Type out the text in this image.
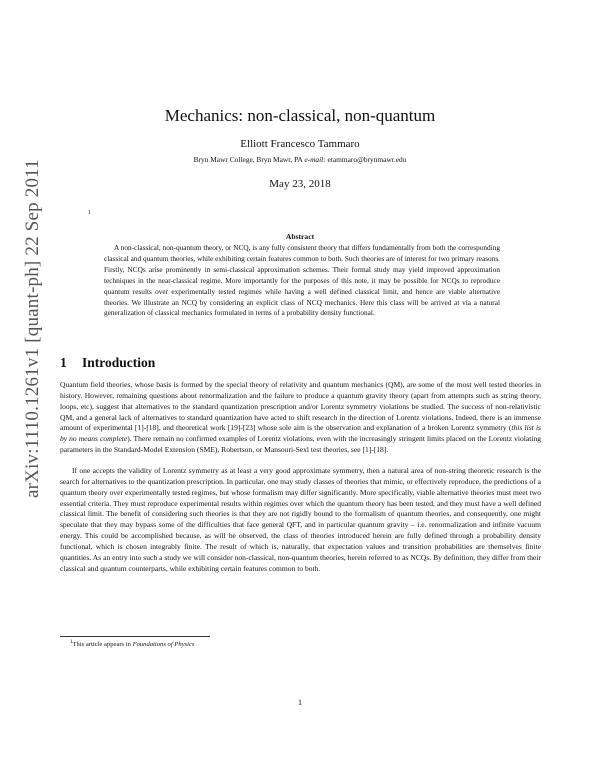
arXiv:1110.1261v1 [quant-ph] 22 Sep 2011
Mechanics: non-classical, non-quantum
Elliott Francesco Tammaro
Bryn Mawr College, Bryn Mawr, PA e-mail: etammaro@brynmawr.edu
May 23, 2018
1
Abstract

A non-classical, non-quantum theory, or NCQ, is any fully consistent theory that differs fundamentally from both the corresponding classical and quantum theories, while exhibiting certain features common to both. Such theories are of interest for two primary reasons. Firstly, NCQs arise prominently in semi-classical approximation schemes. Their formal study may yield improved approximation techniques in the near-classical regime. More importantly for the purposes of this note, it may be possible for NCQs to reproduce quantum results over experimentally tested regimes while having a well defined classical limit, and hence are viable alternative theories. We illustrate an NCQ by considering an explicit class of NCQ mechanics. Here this class will be arrived at via a natural generalization of classical mechanics formulated in terms of a probability density functional.

1 Introduction

Quantum field theories, whose basis is formed by the special theory of relativity and quantum mechanics (QM), are some of the most well tested theories in history. However, remaining questions about renormalization and the failure to produce a quantum gravity theory (apart from attempts such as string theory, loops, etc), suggest that alternatives to the standard quantization prescription and/or Lorentz symmetry violations be studied. The success of non-relativistic QM, and a general lack of alternatives to standard quantization have acted to shift research in the direction of Lorentz violations. Indeed, there is an immense amount of experimental [1]-[18], and theoretical work [19]-[23] whose sole aim is the observation and explanation of a broken Lorentz symmetry (this list is by no means complete). There remain no confirmed examples of Lorentz violations, even with the increasingly stringent limits placed on the Lorentz violating parameters in the Standard-Model Extension (SME), Robertson, or Mansouri-Sexl test theories, see [1]-[18].

If one accepts the validity of Lorentz symmetry as at least a very good approximate symmetry, then a natural area of non-string theoretic research is the search for alternatives to the quantization prescription. In particular, one may study classes of theories that mimic, or effectively reproduce, the predictions of a quantum theory over experimentally tested regimes, but whose formalism may differ significantly. More specifically, viable alternative theories must meet two essential criteria. They must reproduce experimental results within regimes over which the quantum theory has been tested, and they must have a well defined classical limit. The benefit of considering such theories is that they are not rigidly bound to the formalism of quantum theories, and consequently, one might speculate that they may bypass some of the difficulties that face general QFT, and in particular quantum gravity – i.e. renormalization and infinite vacuum energy. This could be accomplished because, as will be observed, the class of theories introduced herein are fully defined through a probability density functional, which is chosen integrably finite. The result of which is, naturally, that expectation values and transition probabilities are themselves finite quantities. As an entry into such a study we will consider non-classical, non-quantum theories, herein referred to as NCQs. By definition, they differ from their classical and quantum counterparts, while exhibiting certain features common to both.

$^1$This article appears in Foundations of Physics
1
